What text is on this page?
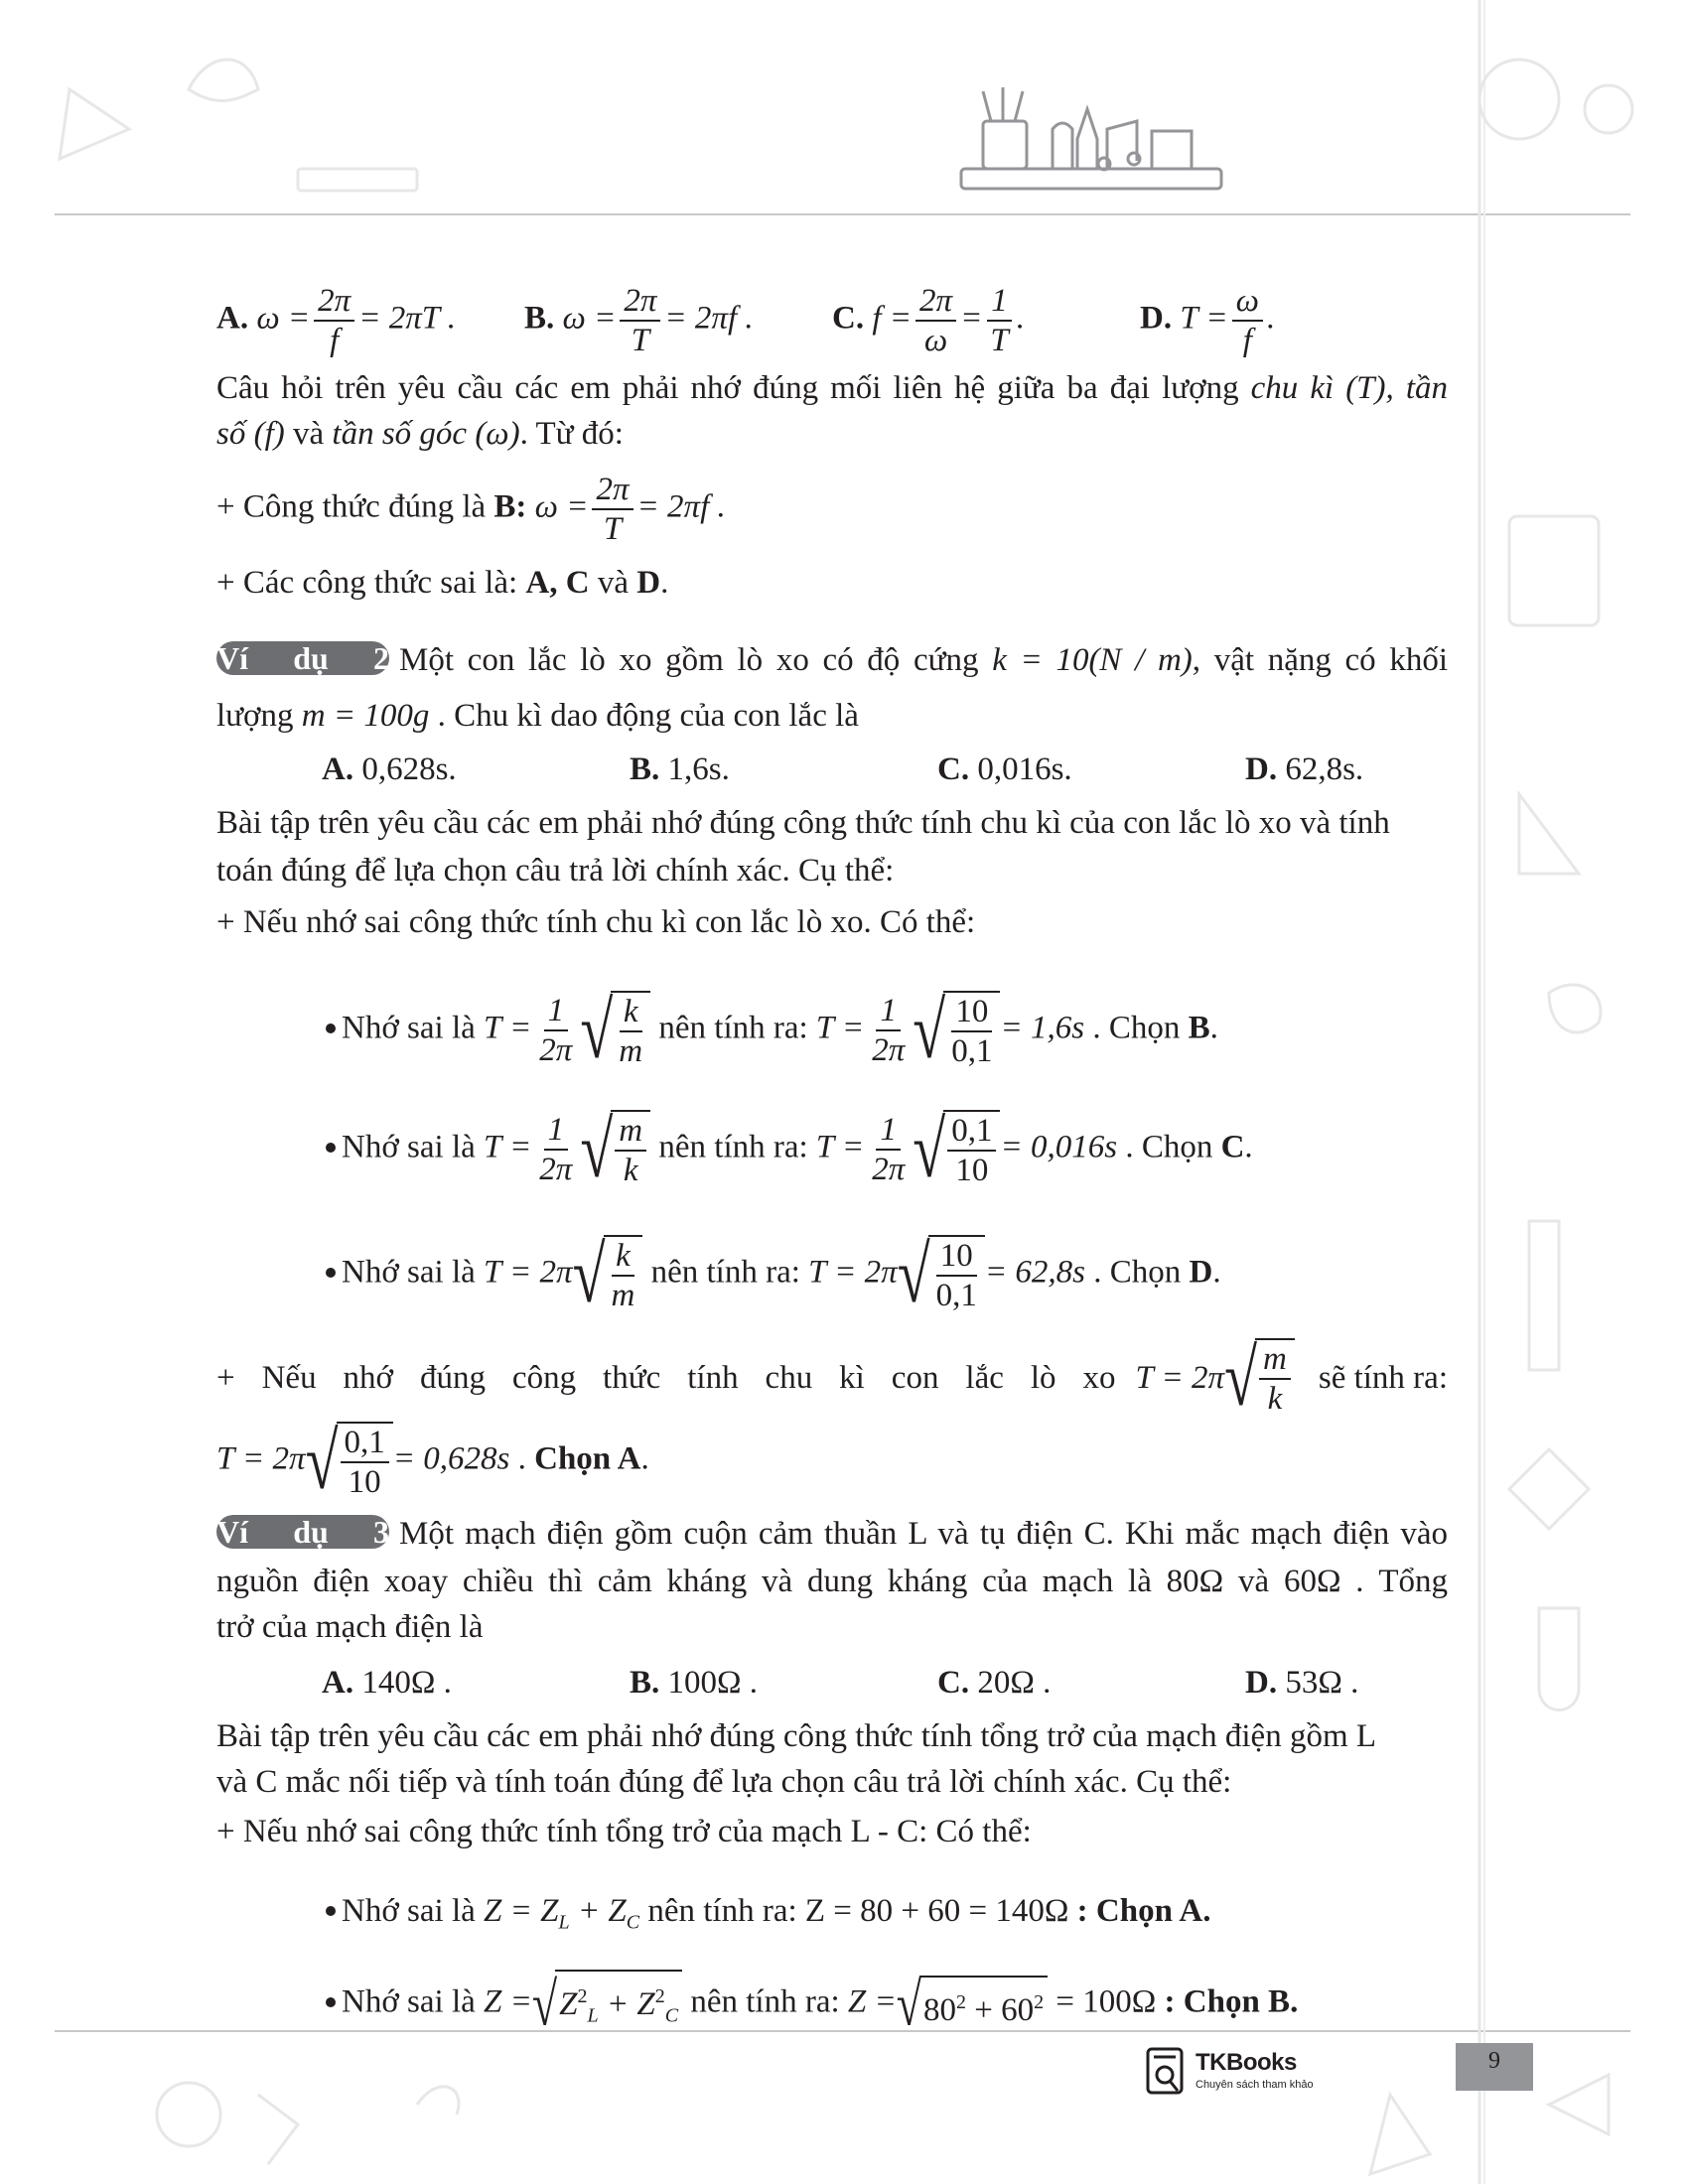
A. $\omega = \frac{2\pi}{f} = 2\pi T$ .	B. $\omega = \frac{2\pi}{T} = 2\pi f$ .	C. $f = \frac{2\pi}{\omega} = \frac{1}{T}$ .	D. $T = \frac{\omega}{f}$ .
Câu hỏi trên yêu cầu các em phải nhớ đúng mối liên hệ giữa ba đại lượng chu kì (T), tần
số (f) và tần số góc (ω). Từ đó:
+ Công thức đúng là B: $\omega = \frac{2\pi}{T} = 2\pi f$ .
+ Các công thức sai là: A, C và D.
Ví dụ 2 Một con lắc lò xo gồm lò xo có độ cứng k = 10(N / m), vật nặng có khối
lượng m = 100g . Chu kì dao động của con lắc là
A. 0,628s.	B. 1,6s.	C. 0,016s.	D. 62,8s.
Bài tập trên yêu cầu các em phải nhớ đúng công thức tính chu kì của con lắc lò xo và tính
toán đúng để lựa chọn câu trả lời chính xác. Cụ thể:
+ Nếu nhớ sai công thức tính chu kì con lắc lò xo. Có thể:
Nhớ sai là $T = \frac{1}{2\pi}$ √ $\frac{k}{m}$ nên tính ra: $T = \frac{1}{2\pi}$ √ $\frac{10}{0,1} = 1,6s$ . Chọn B.
Nhớ sai là $T = \frac{1}{2\pi}$ √ $\frac{m}{k}$ nên tính ra: $T = \frac{1}{2\pi}$ √ $\frac{0,1}{10} = 0,016s$ . Chọn C.
Nhớ sai là T = 2π √ $\frac{k}{m}$ nên tính ra: T = 2π √ $\frac{10}{0,1} = 62,8s$ . Chọn D.
+ Nếu nhớ đúng công thức tính chu kì con lắc lò xo T = 2π √ $\frac{m}{k}$ sẽ tính ra:
T = 2π √ $\frac{0,1}{10} = 0,628s$ . Chọn A.
Ví dụ 3 Một mạch điện gồm cuộn cảm thuần L và tụ điện C. Khi mắc mạch điện vào
nguồn điện xoay chiều thì cảm kháng và dung kháng của mạch là 80Ω và 60Ω . Tổng
trở của mạch điện là
A. 140Ω .	B. 100Ω .	C. 20Ω .	D. 53Ω .
Bài tập trên yêu cầu các em phải nhớ đúng công thức tính tổng trở của mạch điện gồm L
và C mắc nối tiếp và tính toán đúng để lựa chọn câu trả lời chính xác. Cụ thể:
+ Nếu nhớ sai công thức tính tổng trở của mạch L - C: Có thể:
Nhớ sai là $Z = Z_L + Z_C$ nên tính ra: Z = 80 + 60 = 140Ω : Chọn A.
Nhớ sai là Z = √ $Z^2_L + Z^2_C$ nên tính ra: Z = √ $80^2 + 60^2 = 100\Omega$ : Chọn B.
TKBooks
Chuyên sách tham khảo
9
